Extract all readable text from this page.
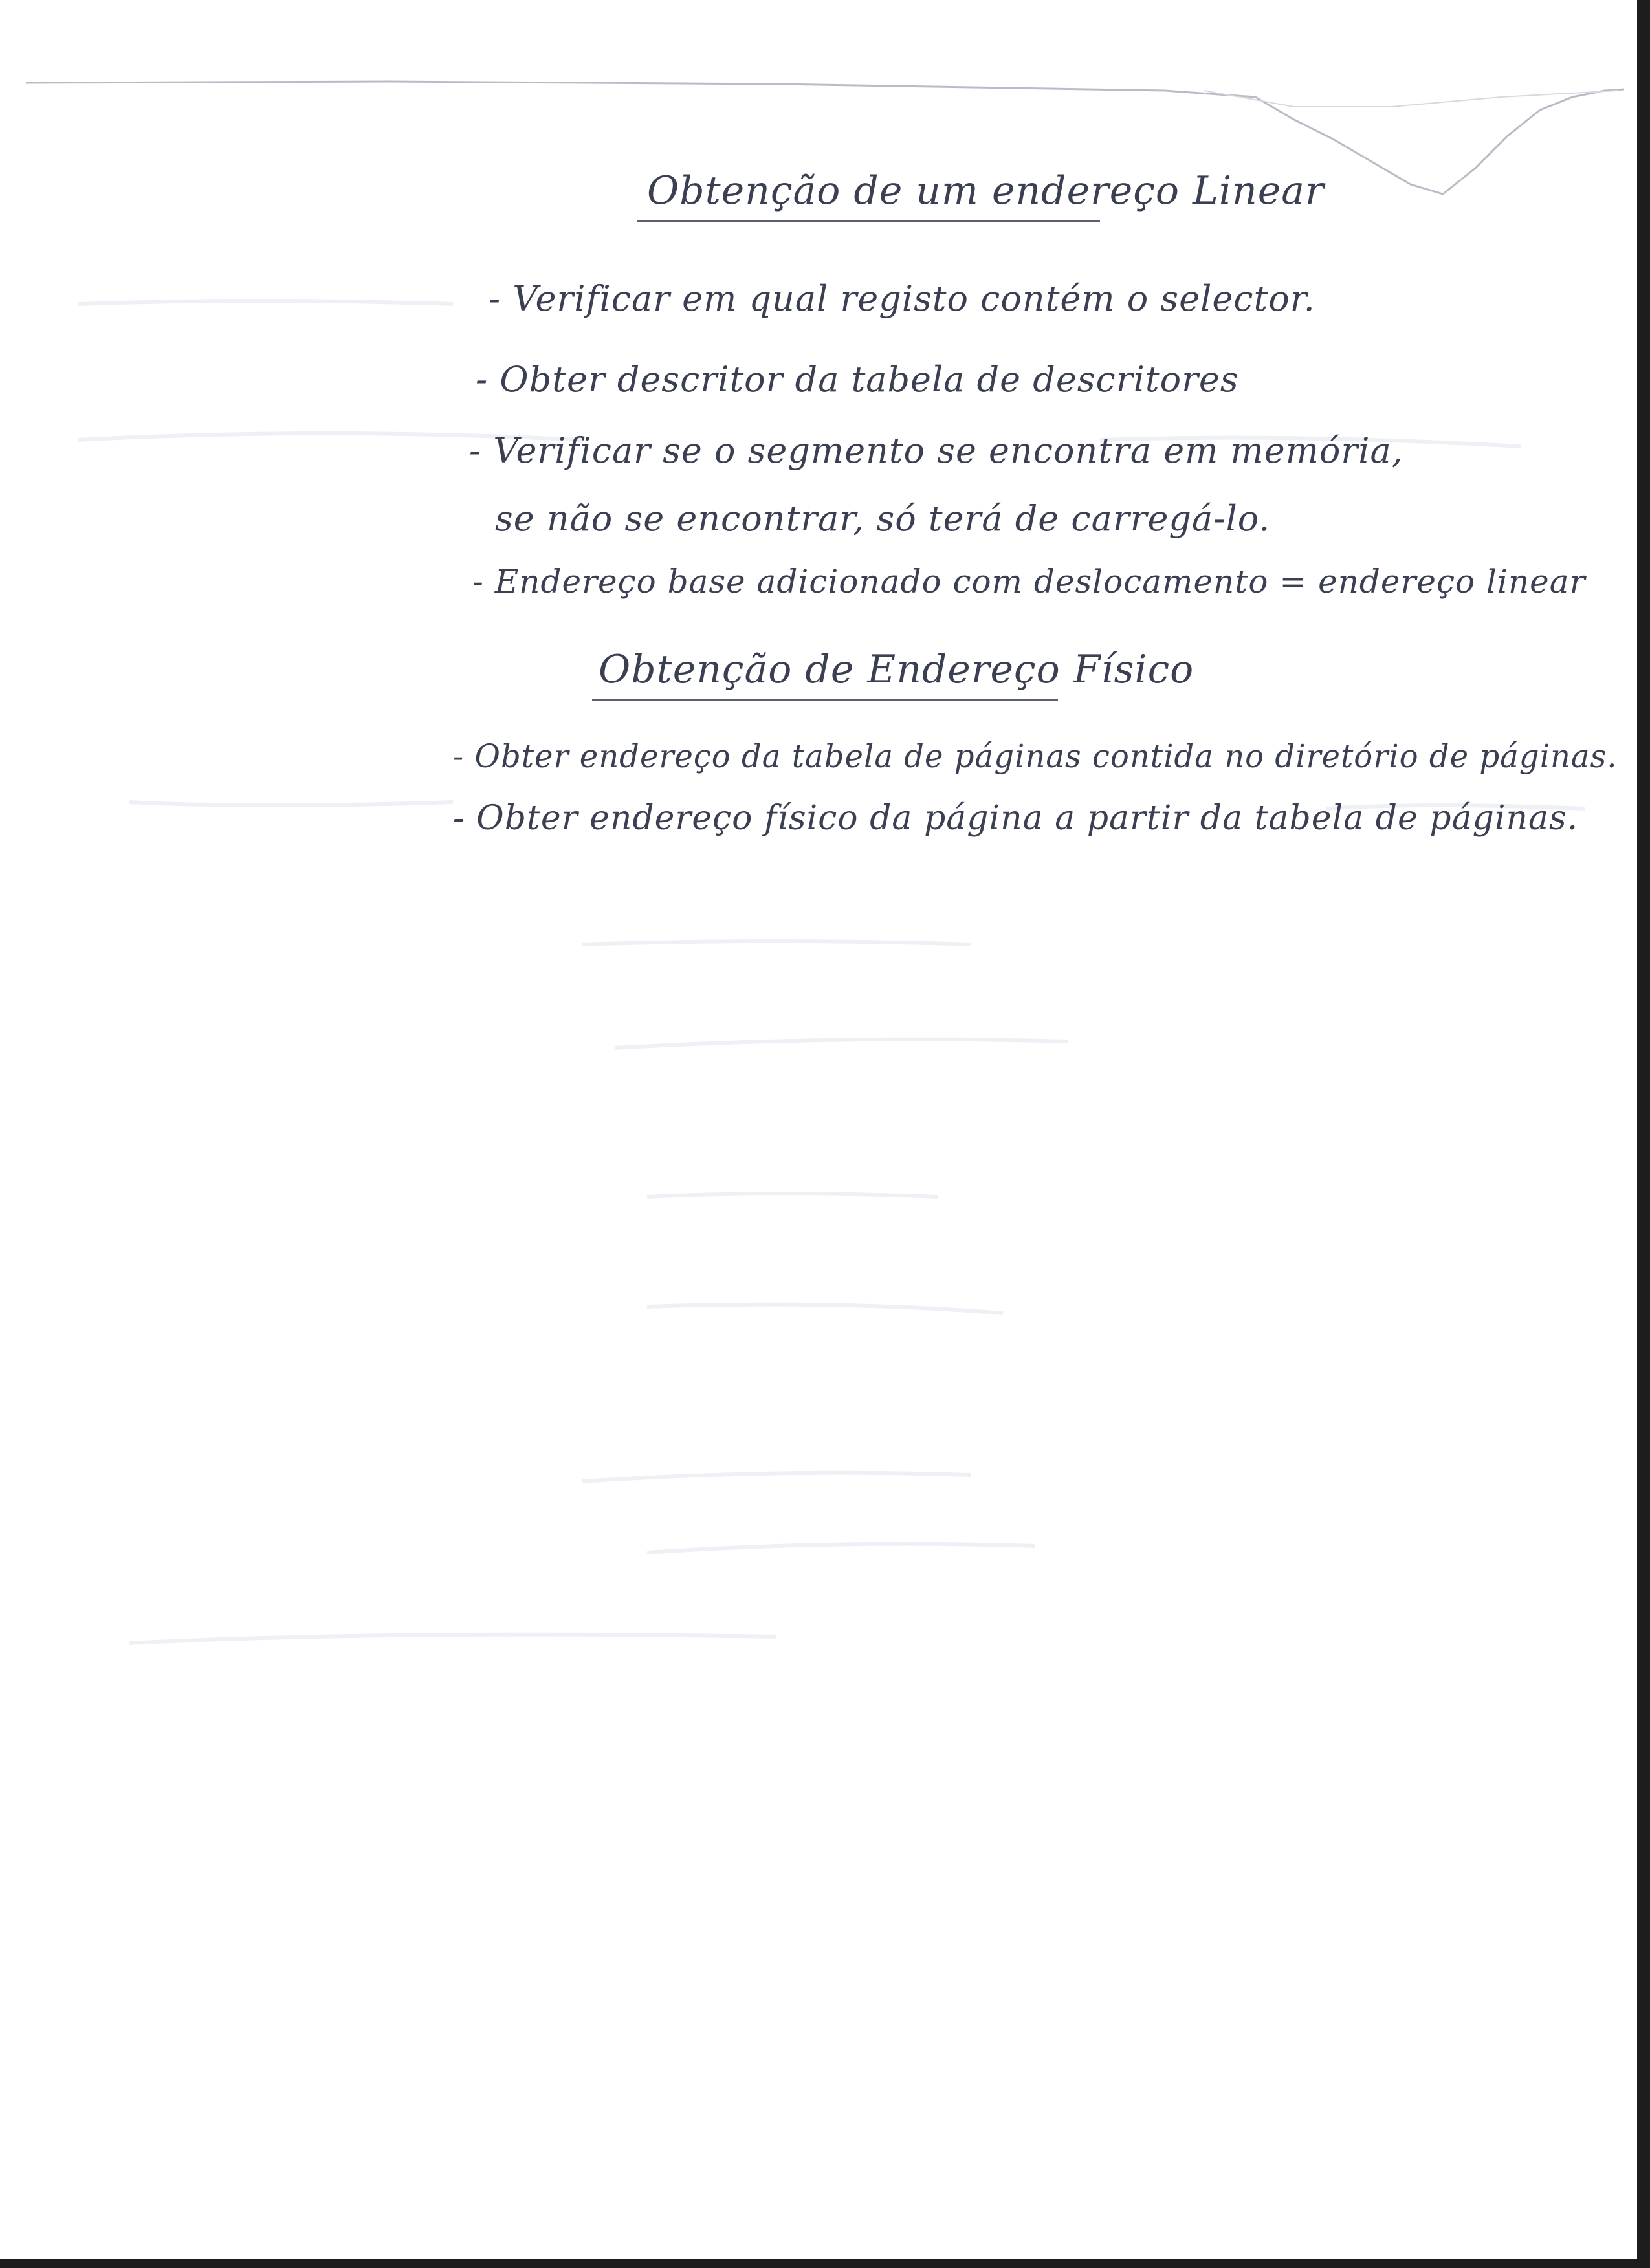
Obtenção de um endereço Linear
- Verificar em qual registo contém o selector.
- Obter descritor da tabela de descritores
- Verificar se o segmento se encontra em memória,
se não se encontrar, só terá de carregá-lo.
- Endereço base adicionado com deslocamento = endereço linear
Obtenção de Endereço Físico
- Obter endereço da tabela de páginas contida no diretório de páginas.
- Obter endereço físico da página a partir da tabela de páginas.
